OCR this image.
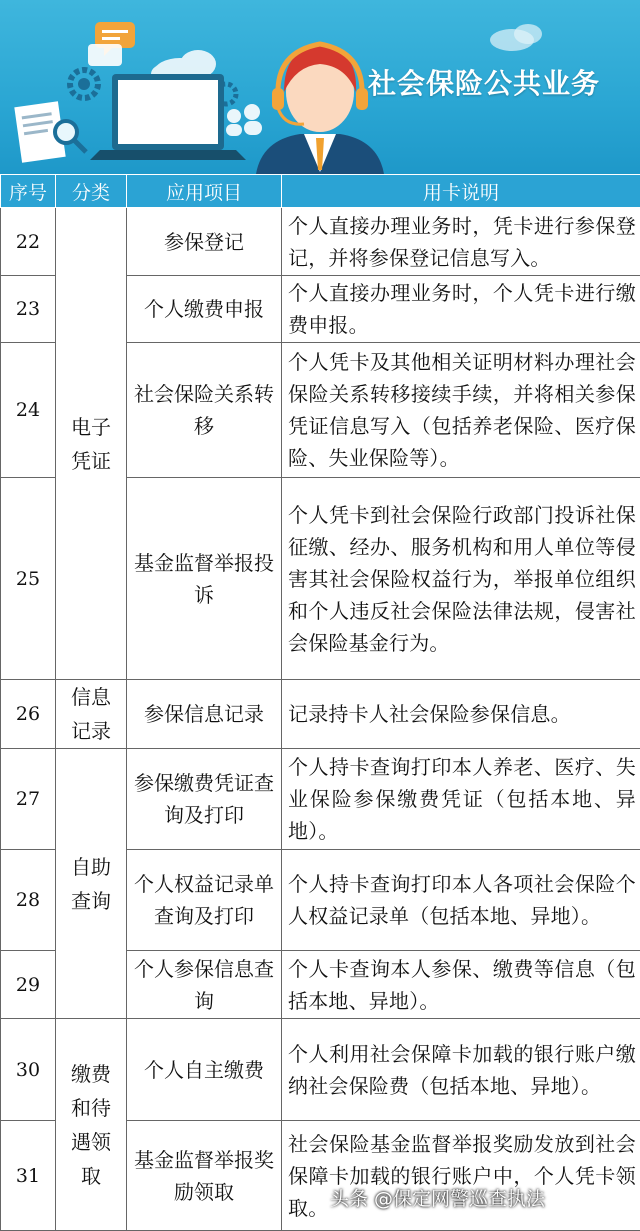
社会保险公共业务
序号	分类	应用项目	用卡说明
22	电子凭证	参保登记	个人直接办理业务时，凭卡进行参保登记，并将参保登记信息写入。
23		个人缴费申报	个人直接办理业务时，个人凭卡进行缴费申报。
24		社会保险关系转移	个人凭卡及其他相关证明材料办理社会保险关系转移接续手续，并将相关参保凭证信息写入（包括养老保险、医疗保险、失业保险等）。
25		基金监督举报投诉	个人凭卡到社会保险行政部门投诉社保征缴、经办、服务机构和用人单位等侵害其社会保险权益行为，举报单位组织和个人违反社会保险法律法规，侵害社会保险基金行为。
26	信息记录	参保信息记录	记录持卡人社会保险参保信息。
27	自助查询	参保缴费凭证查询及打印	个人持卡查询打印本人养老、医疗、失业保险参保缴费凭证（包括本地、异地）。
28		个人权益记录单查询及打印	个人持卡查询打印本人各项社会保险个人权益记录单（包括本地、异地）。
29		个人参保信息查询	个人卡查询本人参保、缴费等信息（包括本地、异地）。
30	缴费和待遇领取	个人自主缴费	个人利用社会保障卡加载的银行账户缴纳社会保险费（包括本地、异地）。
31		基金监督举报奖励领取	社会保险基金监督举报奖励发放到社会保障卡加载的银行账户中，个人凭卡领取。 头条 @保定网警巡查执法
